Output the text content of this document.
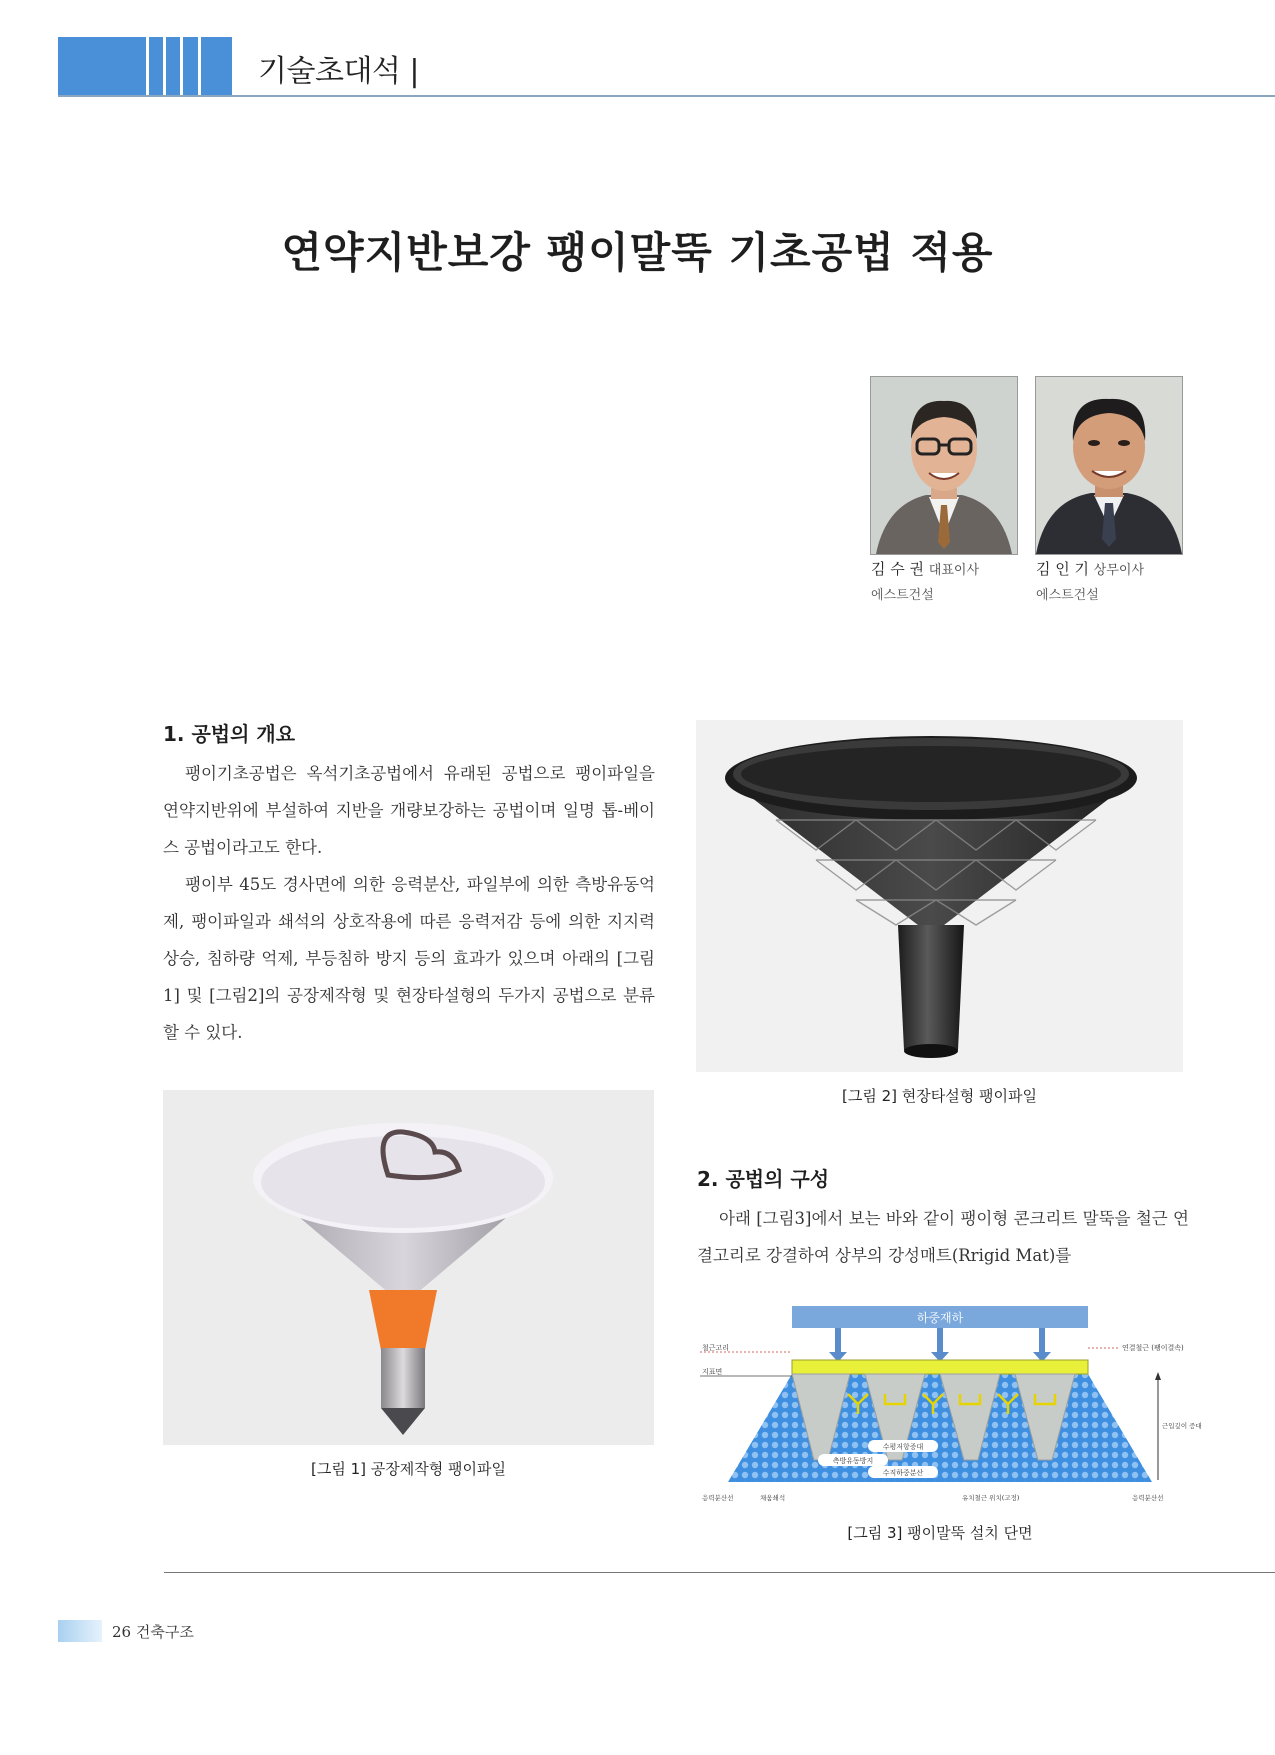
기술초대석 |
연약지반보강 팽이말뚝 기초공법 적용
김 수 권 대표이사
에스트건설
김 인 기 상무이사
에스트건설
1. 공법의 개요

팽이기초공법은 옥석기초공법에서 유래된 공법으로 팽이파일을 연약지반위에 부설하여 지반을 개량보강하는 공법이며 일명 톱-베이스 공법이라고도 한다.

팽이부 45도 경사면에 의한 응력분산, 파일부에 의한 측방유동억제, 팽이파일과 쇄석의 상호작용에 따른 응력저감 등에 의한 지지력 상승, 침하량 억제, 부등침하 방지 등의 효과가 있으며 아래의 [그림1] 및 [그림2]의 공장제작형 및 현장타설형의 두가지 공법으로 분류할 수 있다.

[그림 2] 현장타설형 팽이파일
2. 공법의 구성

아래 [그림3]에서 보는 바와 같이 팽이형 콘크리트 말뚝을 철근 연결고리로 강결하여 상부의 강성매트(Rrigid Mat)를

[그림 1] 공장제작형 팽이파일
하중재하
철근고리
지표면
연결철근 (팽이결속)
근입깊이 증대
수평저항증대
측방유동방지
수직하중분산
응력분산선	채움쇄석	유치철근 위치(고정)	응력분산선
[그림 3] 팽이말뚝 설치 단면
26 건축구조
